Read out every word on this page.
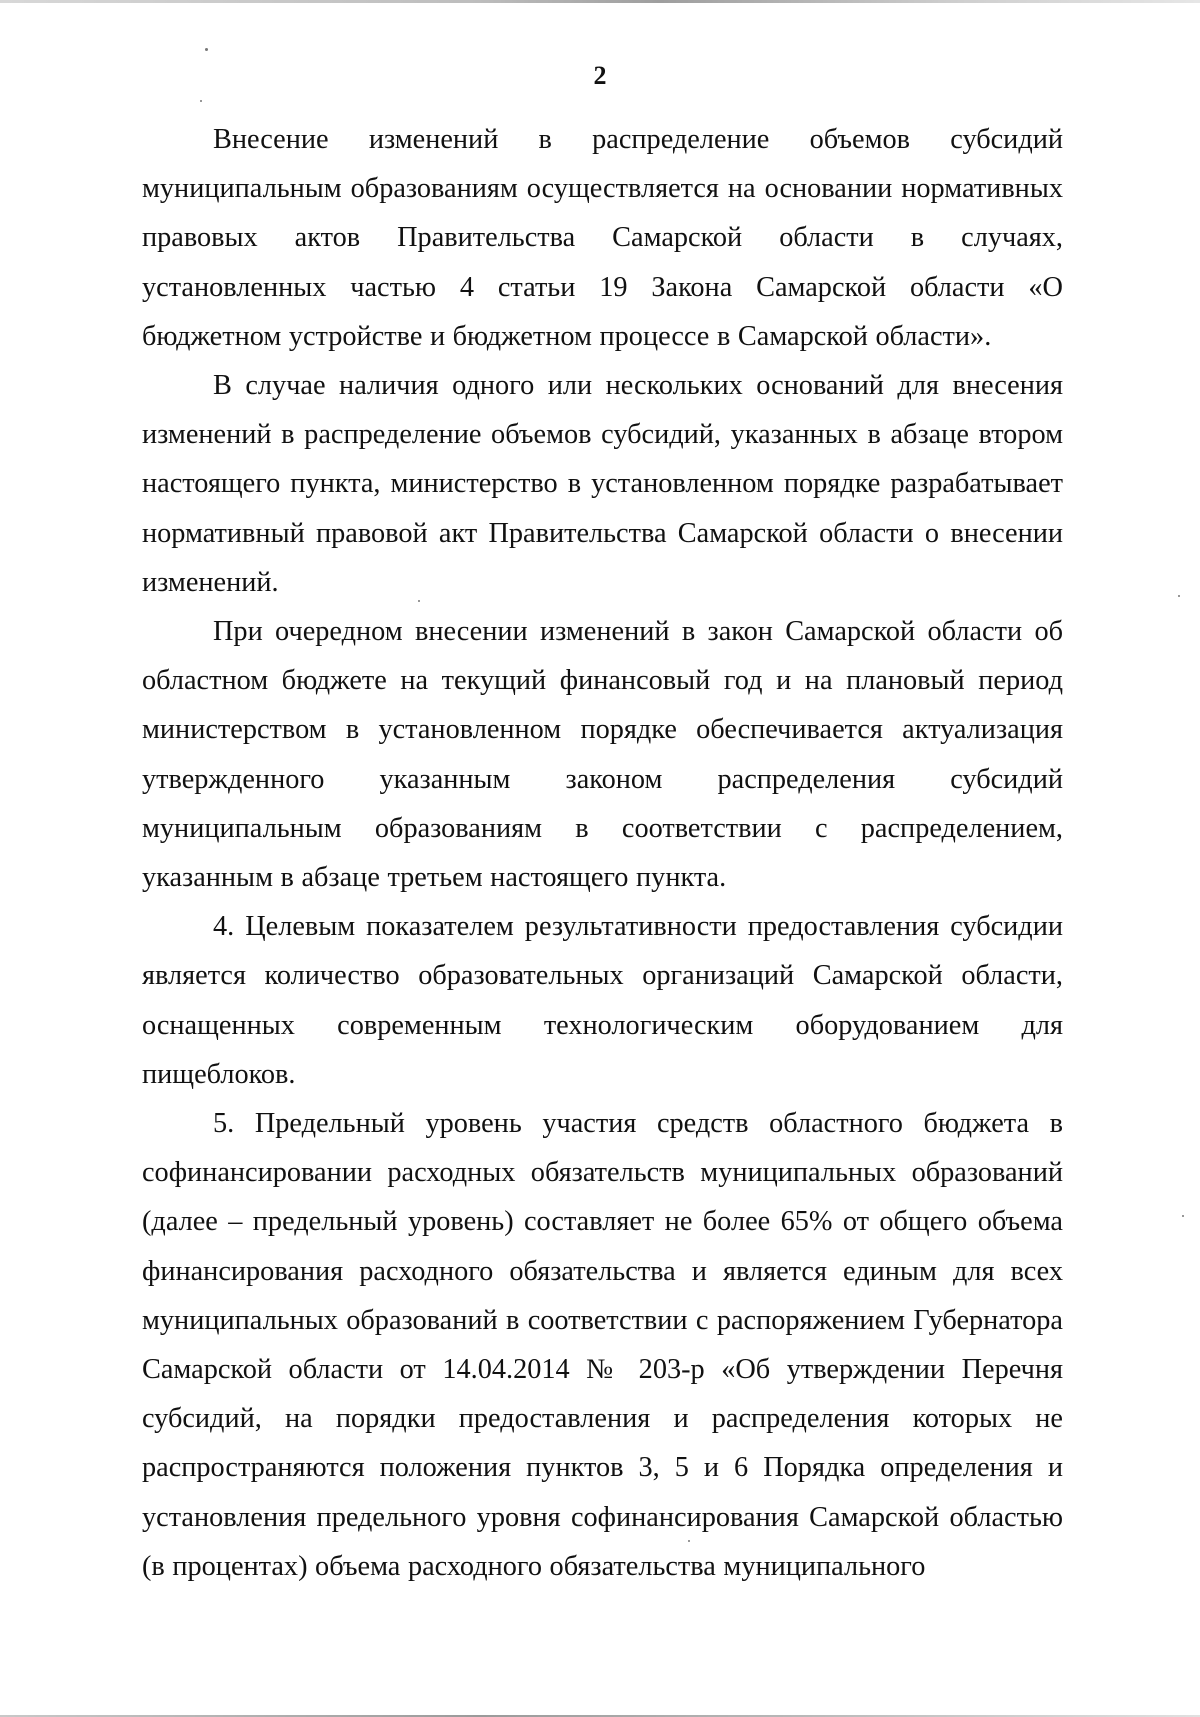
2

Внесение изменений в распределение объемов субсидий муниципальным образованиям осуществляется на основании нормативных правовых актов Правительства Самарской области в случаях, установленных частью 4 статьи 19 Закона Самарской области «О бюджетном устройстве и бюджетном процессе в Самарской области».

В случае наличия одного или нескольких оснований для внесения изменений в распределение объемов субсидий, указанных в абзаце втором настоящего пункта, министерство в установленном порядке разрабатывает нормативный правовой акт Правительства Самарской области о внесении изменений.

При очередном внесении изменений в закон Самарской области об областном бюджете на текущий финансовый год и на плановый период министерством в установленном порядке обеспечивается актуализация утвержденного указанным законом распределения субсидий муниципальным образованиям в соответствии с распределением, указанным в абзаце третьем настоящего пункта.

4. Целевым показателем результативности предоставления субсидии является количество образовательных организаций Самарской области, оснащенных современным технологическим оборудованием для пищеблоков.

5. Предельный уровень участия средств областного бюджета в софинансировании расходных обязательств муниципальных образований (далее – предельный уровень) составляет не более 65% от общего объема финансирования расходного обязательства и является единым для всех муниципальных образований в соответствии с распоряжением Губернатора Самарской области от 14.04.2014 № 203-р «Об утверждении Перечня субсидий, на порядки предоставления и распределения которых не распространяются положения пунктов 3, 5 и 6 Порядка определения и установления предельного уровня софинансирования Самарской областью (в процентах) объема расходного обязательства муниципального
